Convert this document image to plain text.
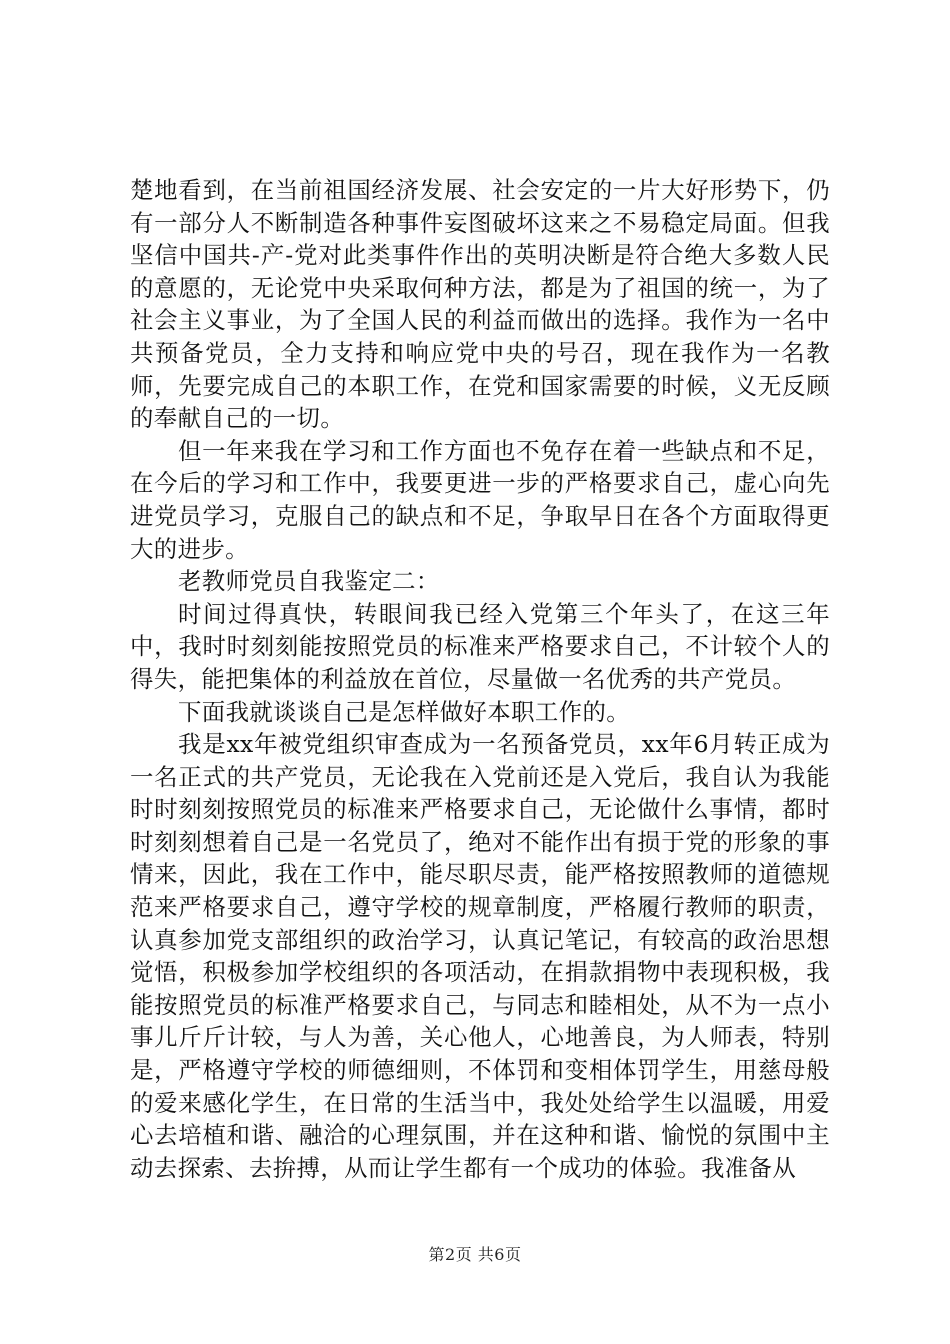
楚地看到，在当前祖国经济发展、社会安定的一片大好形势下，仍有一部分人不断制造各种事件妄图破坏这来之不易稳定局面。但我坚信中国共-产-党对此类事件作出的英明决断是符合绝大多数人民的意愿的，无论党中央采取何种方法，都是为了祖国的统一，为了社会主义事业，为了全国人民的利益而做出的选择。我作为一名中共预备党员，全力支持和响应党中央的号召，现在我作为一名教师，先要完成自己的本职工作，在党和国家需要的时候，义无反顾的奉献自己的一切。

但一年来我在学习和工作方面也不免存在着一些缺点和不足，在今后的学习和工作中，我要更进一步的严格要求自己，虚心向先进党员学习，克服自己的缺点和不足，争取早日在各个方面取得更大的进步。

老教师党员自我鉴定二：

时间过得真快，转眼间我已经入党第三个年头了，在这三年中，我时时刻刻能按照党员的标准来严格要求自己，不计较个人的得失，能把集体的利益放在首位，尽量做一名优秀的共产党员。

下面我就谈谈自己是怎样做好本职工作的。

我是xx年被党组织审查成为一名预备党员，xx年6月转正成为一名正式的共产党员，无论我在入党前还是入党后，我自认为我能时时刻刻按照党员的标准来严格要求自己，无论做什么事情，都时时刻刻想着自己是一名党员了，绝对不能作出有损于党的形象的事情来，因此，我在工作中，能尽职尽责，能严格按照教师的道德规范来严格要求自己，遵守学校的规章制度，严格履行教师的职责，认真参加党支部组织的政治学习，认真记笔记，有较高的政治思想觉悟，积极参加学校组织的各项活动，在捐款捐物中表现积极，我能按照党员的标准严格要求自己，与同志和睦相处，从不为一点小事儿斤斤计较，与人为善，关心他人，心地善良，为人师表，特别是，严格遵守学校的师德细则，不体罚和变相体罚学生，用慈母般的爱来感化学生，在日常的生活当中，我处处给学生以温暖，用爱心去培植和谐、融洽的心理氛围，并在这种和谐、愉悦的氛围中主动去探索、去拚搏，从而让学生都有一个成功的体验。我准备从

第2页 共6页
